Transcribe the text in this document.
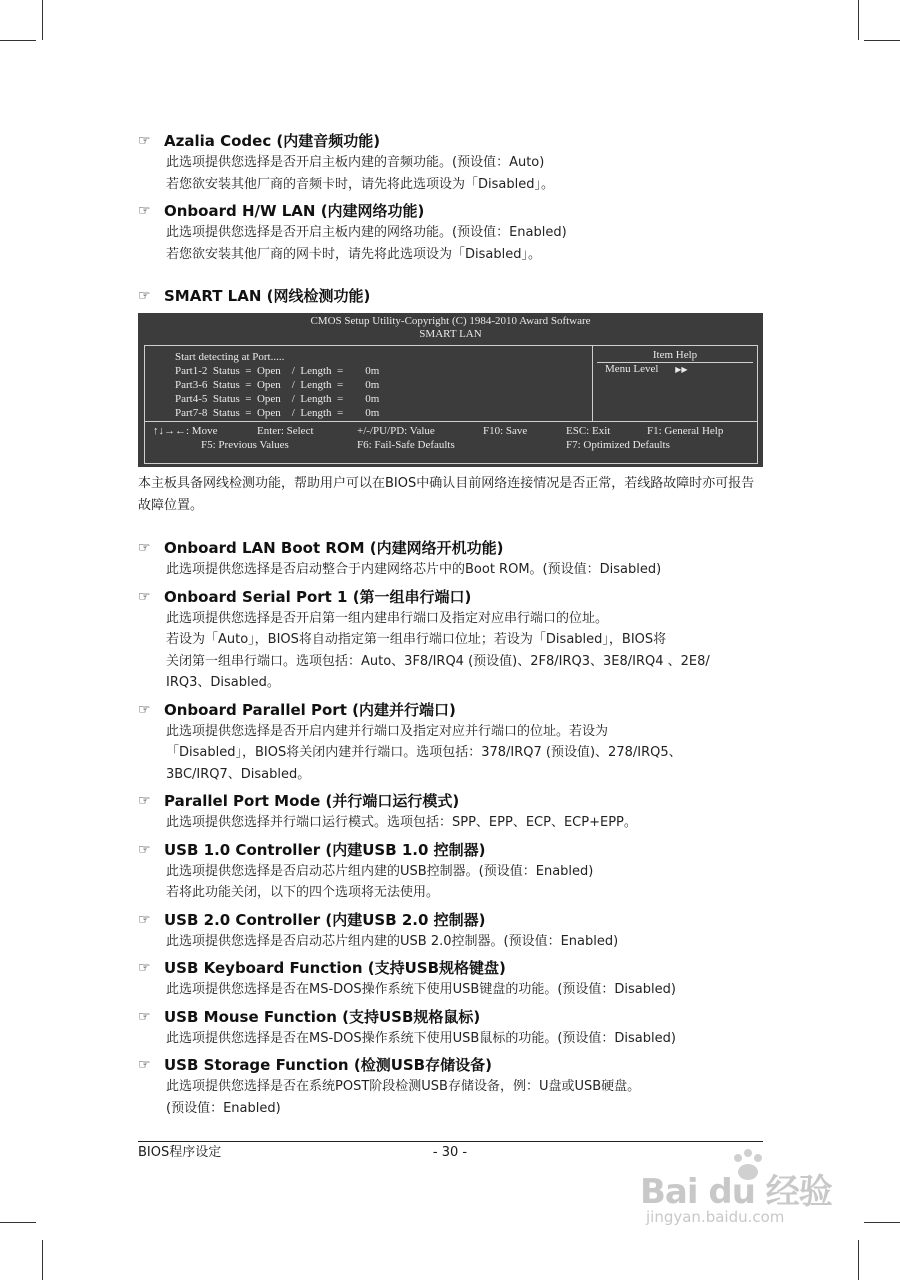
☞ Azalia Codec (内建音频功能)
此选项提供您选择是否开启主板内建的音频功能。(预设值：Auto)
若您欲安装其他厂商的音频卡时，请先将此选项设为「Disabled」。
☞ Onboard H/W LAN (内建网络功能)
此选项提供您选择是否开启主板内建的网络功能。(预设值：Enabled)
若您欲安装其他厂商的网卡时，请先将此选项设为「Disabled」。
☞ SMART LAN (网线检测功能)
CMOS Setup Utility-Copyright (C) 1984-2010 Award Software
SMART LAN
Start detecting at Port.....
Part1-2  Status  =  Open    /  Length  =        0m
Part3-6  Status  =  Open    /  Length  =        0m
Part4-5  Status  =  Open    /  Length  =        0m
Part7-8  Status  =  Open    /  Length  =        0m
Item Help
Menu Level ▶▶
↑↓→←: Move	Enter: Select	+/-/PU/PD: Value	F10: Save	ESC: Exit	F1: General Help
F5: Previous Values	F6: Fail-Safe Defaults	F7: Optimized Defaults
本主板具备网线检测功能，帮助用户可以在BIOS中确认目前网络连接情况是否正常，若线路故障时亦可报告故障位置。
☞ Onboard LAN Boot ROM (内建网络开机功能)
此选项提供您选择是否启动整合于内建网络芯片中的Boot ROM。(预设值：Disabled)
☞ Onboard Serial Port 1 (第一组串行端口)
此选项提供您选择是否开启第一组内建串行端口及指定对应串行端口的位址。
若设为「Auto」，BIOS将自动指定第一组串行端口位址；若设为「Disabled」，BIOS将
关闭第一组串行端口。选项包括：Auto、3F8/IRQ4 (预设值)、2F8/IRQ3、3E8/IRQ4 、2E8/
IRQ3、Disabled。
☞ Onboard Parallel Port (内建并行端口)
此选项提供您选择是否开启内建并行端口及指定对应并行端口的位址。若设为
「Disabled」，BIOS将关闭内建并行端口。选项包括：378/IRQ7 (预设值)、278/IRQ5、
3BC/IRQ7、Disabled。
☞ Parallel Port Mode (并行端口运行模式)
此选项提供您选择并行端口运行模式。选项包括：SPP、EPP、ECP、ECP+EPP。
☞ USB 1.0 Controller (内建USB 1.0 控制器)
此选项提供您选择是否启动芯片组内建的USB控制器。(预设值：Enabled)
若将此功能关闭，以下的四个选项将无法使用。
☞ USB 2.0 Controller (内建USB 2.0 控制器)
此选项提供您选择是否启动芯片组内建的USB 2.0控制器。(预设值：Enabled)
☞ USB Keyboard Function (支持USB规格键盘)
此选项提供您选择是否在MS-DOS操作系统下使用USB键盘的功能。(预设值：Disabled)
☞ USB Mouse Function (支持USB规格鼠标)
此选项提供您选择是否在MS-DOS操作系统下使用USB鼠标的功能。(预设值：Disabled)
☞ USB Storage Function (检测USB存储设备)
此选项提供您选择是否在系统POST阶段检测USB存储设备，例：U盘或USB硬盘。
(预设值：Enabled)
BIOS程序设定	- 30 -
Bai du 经验
jingyan.baidu.com
